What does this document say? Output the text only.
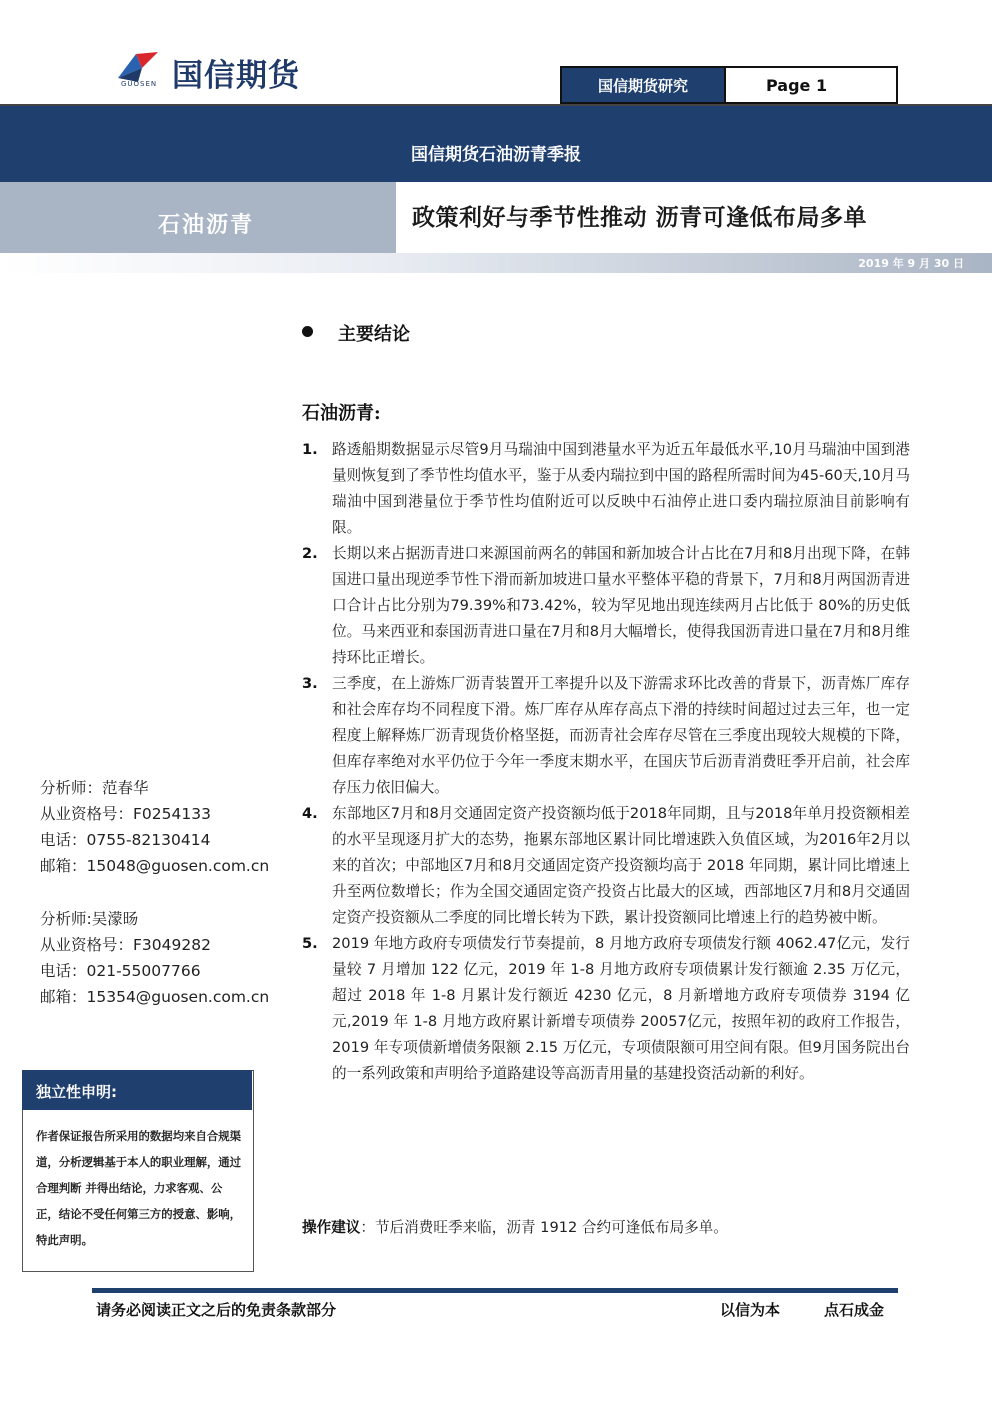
国信期货
GUOSEN	国信期货研究	Page 1
国信期货石油沥青季报
石油沥青	政策利好与季节性推动 沥青可逢低布局多单
2019 年 9 月 30 日
主要结论
石油沥青:
1. 路透船期数据显示尽管9月马瑞油中国到港量水平为近五年最低水平,10月马瑞油中国到港量则恢复到了季节性均值水平，鉴于从委内瑞拉到中国的路程所需时间为45-60天,10月马瑞油中国到港量位于季节性均值附近可以反映中石油停止进口委内瑞拉原油目前影响有限。
2. 长期以来占据沥青进口来源国前两名的韩国和新加坡合计占比在7月和8月出现下降，在韩国进口量出现逆季节性下滑而新加坡进口量水平整体平稳的背景下，7月和8月两国沥青进口合计占比分别为79.39%和73.42%，较为罕见地出现连续两月占比低于 80%的历史低位。马来西亚和泰国沥青进口量在7月和8月大幅增长，使得我国沥青进口量在7月和8月维持环比正增长。
3. 三季度，在上游炼厂沥青装置开工率提升以及下游需求环比改善的背景下，沥青炼厂库存和社会库存均不同程度下滑。炼厂库存从库存高点下滑的持续时间超过过去三年，也一定程度上解释炼厂沥青现货价格坚挺，而沥青社会库存尽管在三季度出现较大规模的下降，但库存率绝对水平仍位于今年一季度末期水平，在国庆节后沥青消费旺季开启前，社会库存压力依旧偏大。
4. 东部地区7月和8月交通固定资产投资额均低于2018年同期，且与2018年单月投资额相差的水平呈现逐月扩大的态势，拖累东部地区累计同比增速跌入负值区域，为2016年2月以来的首次；中部地区7月和8月交通固定资产投资额均高于 2018 年同期，累计同比增速上升至两位数增长；作为全国交通固定资产投资占比最大的区域，西部地区7月和8月交通固定资产投资额从二季度的同比增长转为下跌，累计投资额同比增速上行的趋势被中断。
5. 2019 年地方政府专项债发行节奏提前，8 月地方政府专项债发行额 4062.47亿元，发行量较 7 月增加 122 亿元，2019 年 1-8 月地方政府专项债累计发行额逾 2.35 万亿元，超过 2018 年 1-8 月累计发行额近 4230 亿元，8 月新增地方政府专项债券 3194 亿元,2019 年 1-8 月地方政府累计新增专项债券 20057亿元，按照年初的政府工作报告，2019 年专项债新增债务限额 2.15 万亿元，专项债限额可用空间有限。但9月国务院出台的一系列政策和声明给予道路建设等高沥青用量的基建投资活动新的利好。
操作建议：节后消费旺季来临，沥青 1912 合约可逢低布局多单。
分析师：范春华
从业资格号：F0254133
电话：0755-82130414
邮箱：15048@guosen.com.cn
分析师:吴濛旸
从业资格号：F3049282
电话：021-55007766
邮箱：15354@guosen.com.cn
独立性申明:
作者保证报告所采用的数据均来自合规渠道，分析逻辑基于本人的职业理解，通过合理判断 并得出结论，力求客观、公正，结论不受任何第三方的授意、影响，特此声明。
请务必阅读正文之后的免责条款部分	以信为本	点石成金
